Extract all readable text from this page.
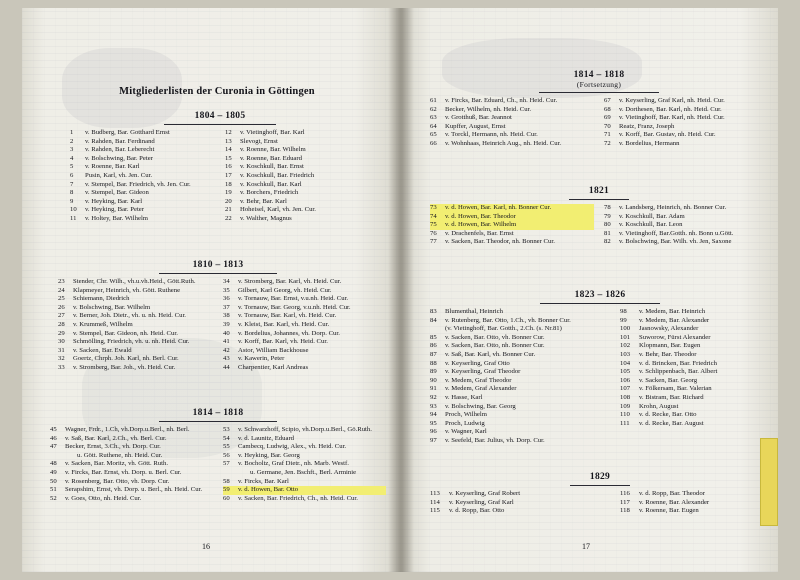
Mitgliederlisten der Curonia in Göttingen
1804 – 1805
1	v. Budberg, Bar. Gotthard Ernst
2	v. Rahden, Bar. Ferdinand
3	v. Rahden, Bar. Leberecht
4	v. Bolschwing, Bar. Peter
5	v. Roenne, Bar. Karl
6	Pusin, Karl, vh. Jen. Cur.
7	v. Stempel, Bar. Friedrich, vh. Jen. Cur.
8	v. Stempel, Bar. Gideon
9	v. Heyking, Bar. Karl
10	v. Heyking, Bar. Peter
11	v. Holtey, Bar. Wilhelm
12	v. Vietinghoff, Bar. Karl
13	Slevogt, Ernst
14	v. Roenne, Bar. Wilhelm
15	v. Roenne, Bar. Eduard
16	v. Koschkull, Bar. Ernst
17	v. Koschkull, Bar. Friedrich
18	v. Koschkull, Bar. Karl
19	v. Borchers, Friedrich
20	v. Behr, Bar. Karl
21	Hoheisel, Karl, vh. Jen. Cur.
22	v. Walther, Magnus
1810 – 1813
23	Stender, Chr. Wilh., vh.u.vh.Heid., Gött.Ruth.
24	Klapmeyer, Heinrich, vh. Gött. Ruthene
25	Schiemann, Diedrich
26	v. Bolschwing, Bar. Wilhelm
27	v. Berner, Joh. Dietr., vh. u. nh. Heid. Cur.
28	v. Krummeß, Wilhelm
29	v. Stempel, Bar. Gideon, nh. Heid. Cur.
30	Schmölling, Friedrich, vh. u. nh. Heid. Cur.
31	v. Sacken, Bar. Ewald
32	Goertz, Chrph. Joh. Karl, nh. Berl. Cur.
33	v. Stromberg, Bar. Joh., vh. Heid. Cur.
34	v. Stromberg, Bar. Karl, vh. Heid. Cur.
35	Gilbert, Karl Georg, vh. Heid. Cur.
36	v. Tornauw, Bar. Ernst, v.u.nh. Heid. Cur.
37	v. Tornauw, Bar. Georg, v.u.nh. Heid. Cur.
38	v. Tornauw, Bar. Karl, vh. Heid. Cur.
39	v. Kleist, Bar. Karl, vh. Heid. Cur.
40	v. Bordelius, Johannes, vh. Dorp. Cur.
41	v. Korff, Bar. Karl, vh. Heid. Cur.
42	Astor, William Backhouse
43	v. Kawerin, Peter
44	Charpentier, Karl Andreas
1814 – 1818
45	Wagner, Frdr., 1.Ch, vh.Dorp.u.Berl., nh. Berl.
46	v. Saß, Bar. Karl, 2.Ch., vh. Berl. Cur.
47	Becker, Ernst, 3.Ch., vh. Dorp. Cur.
u. Gött. Ruthene, nh. Heid. Cur.
48	v. Sacken, Bar. Moritz, vh. Gött. Ruth.
49	v. Fircks, Bar. Ernst, vh. Dorp. u. Berl. Cur.
50	v. Rosenberg, Bar. Otto, vh. Dorp. Cur.
51	Serapshim, Ernst, vh. Dorp. u. Berl., nh. Heid. Cur.
52	v. Goes, Otto, nh. Heid. Cur.
53	v. Schwarzhoff, Scipio, vh.Dorp.u.Berl., Gö.Ruth.
54	v. d. Launitz, Eduard
55	Cambecq, Ludwig, Alex., vh. Heid. Cur.
56	v. Heyking, Bar. Georg
57	v. Bocholtz, Graf Dietr., nh. Marb. Westf.
u. Germane, Jen. Bschft., Berl. Arminie
58	v. Fircks, Bar. Karl
59	v. d. Howen, Bar. Otto
60	v. Sacken, Bar. Friedrich, Ch., nh. Heid. Cur.
16
1814 – 1818
(Fortsetzung)
61	v. Fircks, Bar. Eduard, Ch., nh. Heid. Cur.
62	Becker, Wilhelm, nh. Heid. Cur.
63	v. Grotthuß, Bar. Jeannot
64	Kupffer, August, Ernst
65	v. Torckl, Hermann, nh. Heid. Cur.
66	v. Wohnhaas, Heinrich Aug., nh. Heid. Cur.
67	v. Keyserling, Graf Karl, nh. Heid. Cur.
68	v. Dorthesen, Bar. Karl, nh. Heid. Cur.
69	v. Vietinghoff, Bar. Karl, nh. Heid. Cur.
70	Reatz, Franz, Joseph
71	v. Korff, Bar. Gustav, nh. Heid. Cur.
72	v. Bordelius, Hermann
1821
73	v. d. Howen, Bar. Karl, nh. Bonner Cur.
74	v. d. Howen, Bar. Theodor
75	v. d. Howen, Bar. Wilhelm
76	v. Drachenfels, Bar. Ernst
77	v. Sacken, Bar. Theodor, nh. Bonner Cur.
78	v. Landsberg, Heinrich, nh. Bonner Cur.
79	v. Koschkull, Bar. Adam
80	v. Koschkull, Bar. Leon
81	v. Vietinghoff, Bar.Gotth. nh. Bonn u.Gött.
82	v. Bolschwing, Bar. Wilh. vh. Jen, Saxone
1823 – 1826
83	Blumenthal, Heinrich
84	v. Rutenberg, Bar. Otto, 1.Ch., vh. Bonner Cur.
(v. Vietinghoff, Bar. Gotth., 2.Ch. (s. Nr.81)
85	v. Sacken, Bar. Otto, vh. Bonner Cur.
86	v. Sacken, Bar. Otto, nh. Bonner Cur.
87	v. Saß, Bar. Karl, vh. Bonner Cur.
88	v. Keyserling, Graf Otto
89	v. Keyserling, Graf Theodor
90	v. Medem, Graf Theodor
91	v. Medem, Graf Alexander
92	v. Hasse, Karl
93	v. Bolschwing, Bar. Georg
94	Proch, Wilhelm
95	Proch, Ludwig
96	v. Wagner, Karl
97	v. Seefeld, Bar. Julius, vh. Dorp. Cur.
98	v. Medem, Bar. Heinrich
99	v. Medem, Bar. Alexander
100	Jasnowsky, Alexander
101	Suworow, Fürst Alexander
102	Klopmann, Bar. Eugen
103	v. Behr, Bar. Theodor
104	v. d. Brincken, Bar. Friedrich
105	v. Schlippenbach, Bar. Albert
106	v. Sacken, Bar. Georg
107	v. Fölkersam, Bar. Valerian
108	v. Bistram, Bar. Richard
109	Krohn, August
110	v. d. Recke, Bar. Otto
111	v. d. Recke, Bar. August
1829
113	v. Keyserling, Graf Robert
114	v. Keyserling, Graf Karl
115	v. d. Ropp, Bar. Otto
116	v. d. Ropp, Bar. Theodor
117	v. Roenne, Bar. Alexander
118	v. Roenne, Bar. Eugen
17
